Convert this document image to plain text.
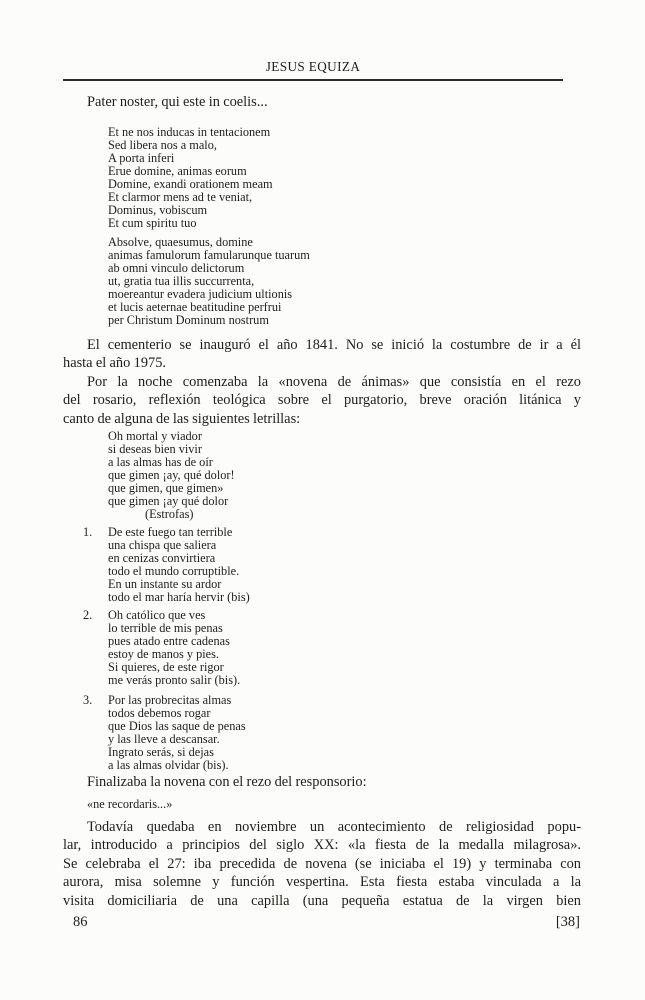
JESUS EQUIZA
Pater noster, qui este in coelis...
Et ne nos inducas in tentacionem
Sed libera nos a malo,
A porta inferi
Erue domine, animas eorum
Domine, exandi orationem meam
Et clarmor mens ad te veniat,
Dominus, vobiscum
Et cum spiritu tuo
Absolve, quaesumus, domine
animas famulorum famularunque tuarum
ab omni vinculo delictorum
ut, gratia tua illis succurrenta,
moereantur evadera judicium ultionis
et lucis aeternae beatitudine perfrui
per Christum Dominum nostrum
El cementerio se inauguró el año 1841. No se inició la costumbre de ir a él
hasta el año 1975.
Por la noche comenzaba la «novena de ánimas» que consistía en el rezo
del rosario, reflexión teológica sobre el purgatorio, breve oración litánica y
canto de alguna de las siguientes letrillas:
Oh mortal y viador
si deseas bien vivir
a las almas has de oír
que gimen ¡ay, qué dolor!
que gimen, que gimen»
que gimen ¡ay qué dolor
(Estrofas)
1.	De este fuego tan terrible
una chispa que saliera
en cenizas convirtiera
todo el mundo corruptible.
En un instante su ardor
todo el mar haría hervir (bis)
2.	Oh católico que ves
lo terrible de mis penas
pues atado entre cadenas
estoy de manos y pies.
Si quieres, de este rigor
me verás pronto salir (bis).
3.	Por las probrecitas almas
todos debemos rogar
que Dios las saque de penas
y las lleve a descansar.
Ingrato serás, si dejas
a las almas olvidar (bis).
Finalizaba la novena con el rezo del responsorio:
«ne recordaris...»
Todavía quedaba en noviembre un acontecimiento de religiosidad popu-
lar, introducido a principios del siglo XX: «la fiesta de la medalla milagrosa».
Se celebraba el 27: iba precedida de novena (se iniciaba el 19) y terminaba con
aurora, misa solemne y función vespertina. Esta fiesta estaba vinculada a la
visita domiciliaria de una capilla (una pequeña estatua de la virgen bien
86	[38]
